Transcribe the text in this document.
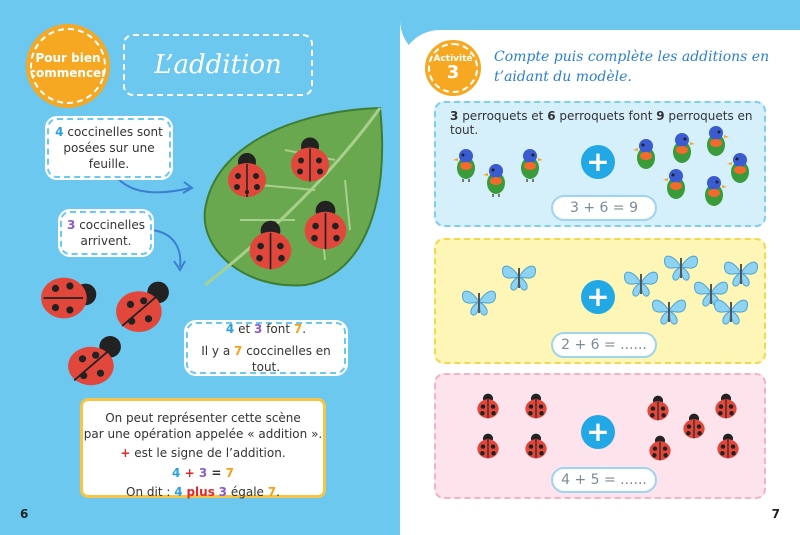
Pour bien commencer L’addition
4 coccinelles sont posées sur une feuille.
3 coccinelles arrivent.
4 et 3 font 7.
Il y a 7 coccinelles en tout.
On peut représenter cette scène
par une opération appelée « addition ».
+ est le signe de l’addition.
4 + 3 = 7
On dit : 4 plus 3 égale 7.
6	7
Activité
3
Compte puis complète les additions en t’aidant du modèle.
3 perroquets et 6 perroquets font 9 perroquets en tout.
+
3 + 6 = 9
+
2 + 6 = ......
+
4 + 5 = ......
